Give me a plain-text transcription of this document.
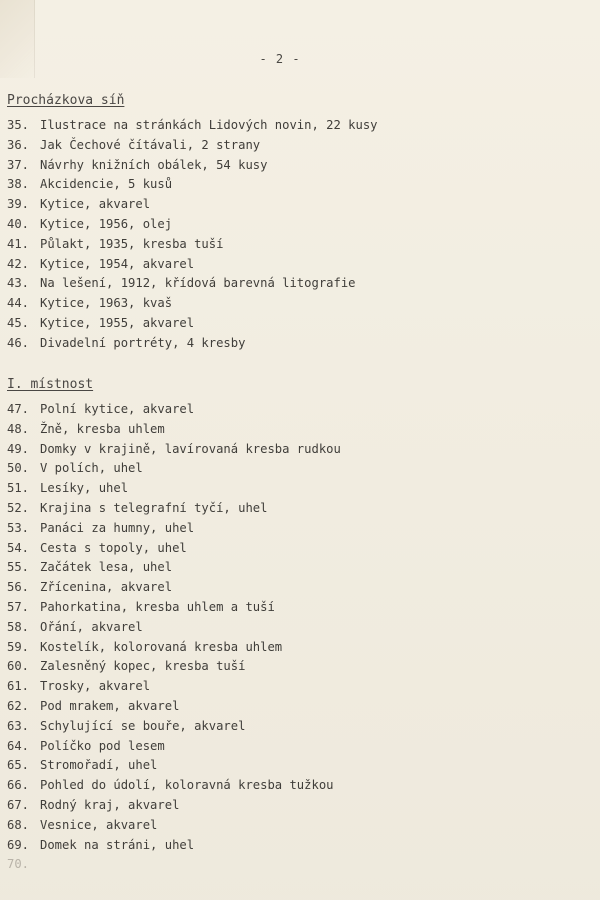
- 2 -
Procházkova síň
35. Ilustrace na stránkách Lidových novin, 22 kusy
36. Jak Čechové čítávali, 2 strany
37. Návrhy knižních obálek, 54 kusy
38. Akcidencie, 5 kusů
39. Kytice, akvarel
40. Kytice, 1956, olej
41. Půlakt, 1935, kresba tuší
42. Kytice, 1954, akvarel
43. Na lešení, 1912, křídová barevná litografie
44. Kytice, 1963, kvaš
45. Kytice, 1955, akvarel
46. Divadelní portréty, 4 kresby
I. místnost
47. Polní kytice, akvarel
48. Žně, kresba uhlem
49. Domky v krajině, lavírovaná kresba rudkou
50. V polích, uhel
51. Lesíky, uhel
52. Krajina s telegrafní tyčí, uhel
53. Panáci za humny, uhel
54. Cesta s topoly, uhel
55. Začátek lesa, uhel
56. Zřícenina, akvarel
57. Pahorkatina, kresba uhlem a tuší
58. Ořání, akvarel
59. Kostelík, kolorovaná kresba uhlem
60. Zalesněný kopec, kresba tuší
61. Trosky, akvarel
62. Pod mrakem, akvarel
63. Schylující se bouře, akvarel
64. Políčko pod lesem
65. Stromořadí, uhel
66. Pohled do údolí, koloravná kresba tužkou
67. Rodný kraj, akvarel
68. Vesnice, akvarel
69. Domek na stráni, uhel
70.
